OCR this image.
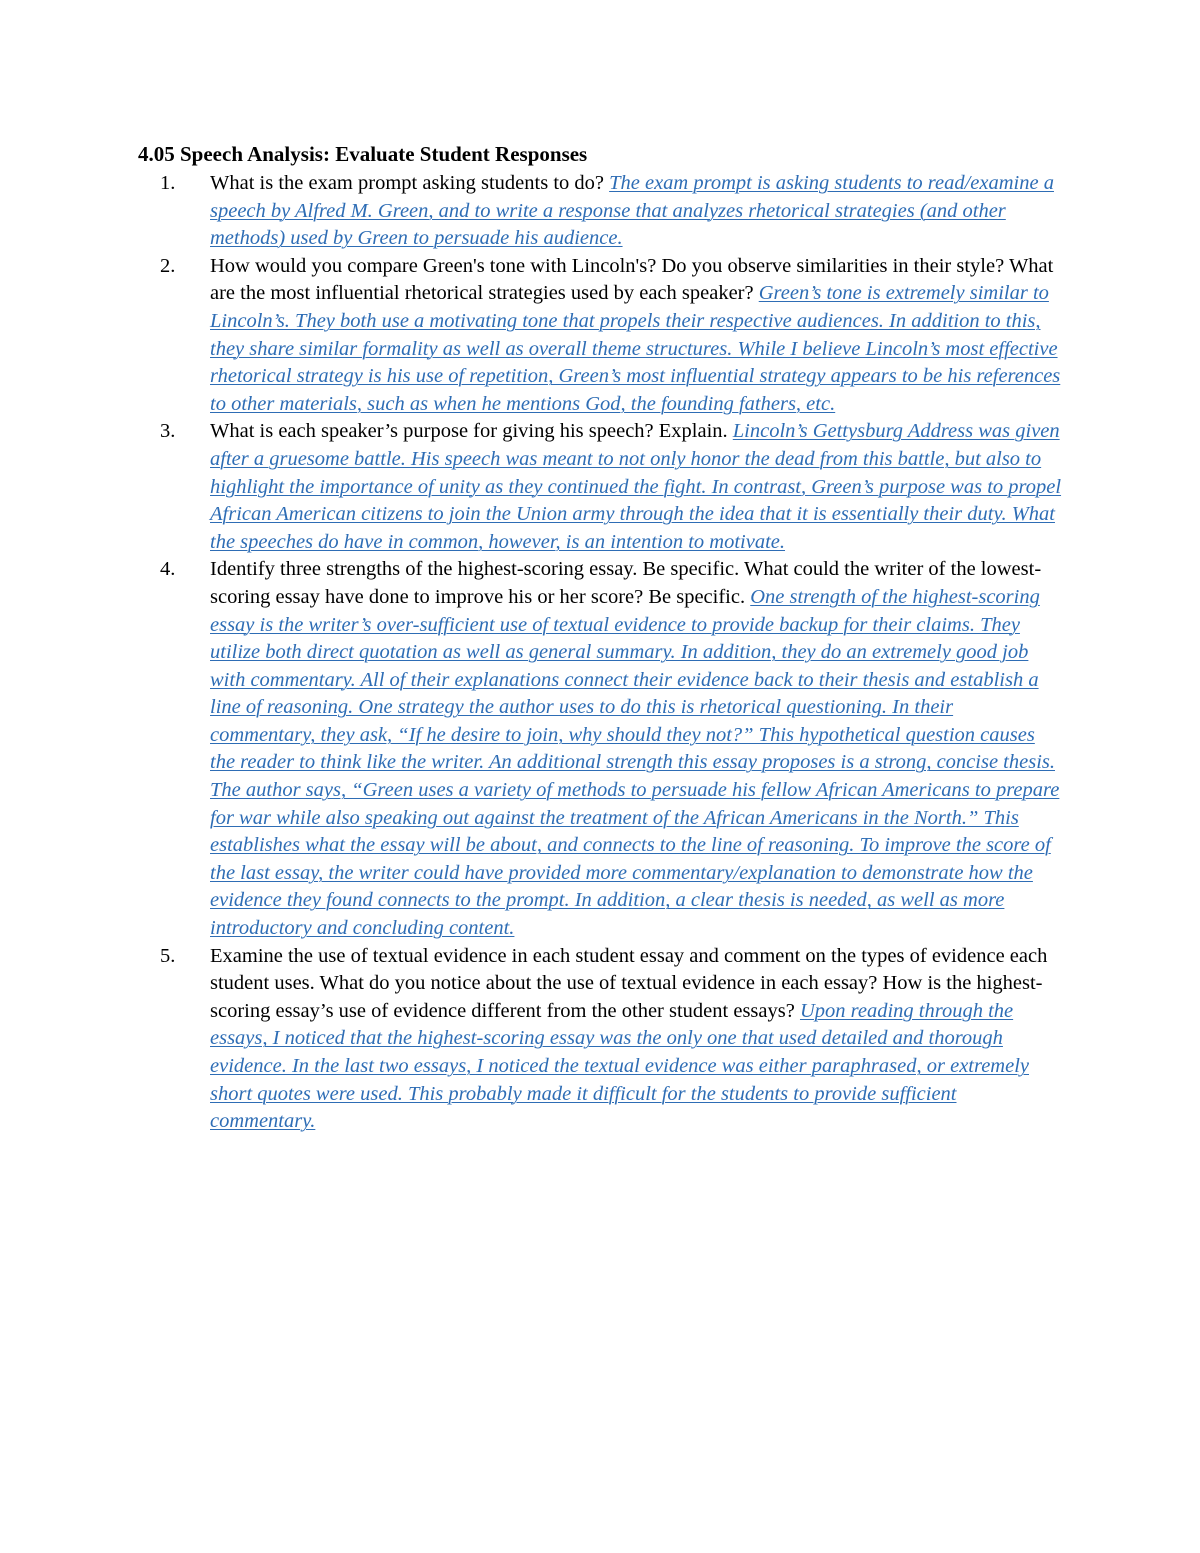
4.05 Speech Analysis: Evaluate Student Responses
1.	What is the exam prompt asking students to do? The exam prompt is asking students to read/examine a speech by Alfred M. Green, and to write a response that analyzes rhetorical strategies (and other methods) used by Green to persuade his audience.
2.	How would you compare Green's tone with Lincoln's? Do you observe similarities in their style? What are the most influential rhetorical strategies used by each speaker? Green’s tone is extremely similar to Lincoln’s. They both use a motivating tone that propels their respective audiences. In addition to this, they share similar formality as well as overall theme structures. While I believe Lincoln’s most effective rhetorical strategy is his use of repetition, Green’s most influential strategy appears to be his references to other materials, such as when he mentions God, the founding fathers, etc.
3.	What is each speaker’s purpose for giving his speech? Explain. Lincoln’s Gettysburg Address was given after a gruesome battle. His speech was meant to not only honor the dead from this battle, but also to highlight the importance of unity as they continued the fight. In contrast, Green’s purpose was to propel African American citizens to join the Union army through the idea that it is essentially their duty. What the speeches do have in common, however, is an intention to motivate.
4.	Identify three strengths of the highest-scoring essay. Be specific. What could the writer of the lowest-scoring essay have done to improve his or her score? Be specific. One strength of the highest-scoring essay is the writer’s over-sufficient use of textual evidence to provide backup for their claims. They utilize both direct quotation as well as general summary. In addition, they do an extremely good job with commentary. All of their explanations connect their evidence back to their thesis and establish a line of reasoning. One strategy the author uses to do this is rhetorical questioning. In their commentary, they ask, “If he desire to join, why should they not?” This hypothetical question causes the reader to think like the writer. An additional strength this essay proposes is a strong, concise thesis. The author says, “Green uses a variety of methods to persuade his fellow African Americans to prepare for war while also speaking out against the treatment of the African Americans in the North.” This establishes what the essay will be about, and connects to the line of reasoning. To improve the score of the last essay, the writer could have provided more commentary/explanation to demonstrate how the evidence they found connects to the prompt. In addition, a clear thesis is needed, as well as more introductory and concluding content.
5.	Examine the use of textual evidence in each student essay and comment on the types of evidence each student uses. What do you notice about the use of textual evidence in each essay? How is the highest-scoring essay’s use of evidence different from the other student essays? Upon reading through the essays, I noticed that the highest-scoring essay was the only one that used detailed and thorough evidence. In the last two essays, I noticed the textual evidence was either paraphrased, or extremely short quotes were used. This probably made it difficult for the students to provide sufficient commentary.
